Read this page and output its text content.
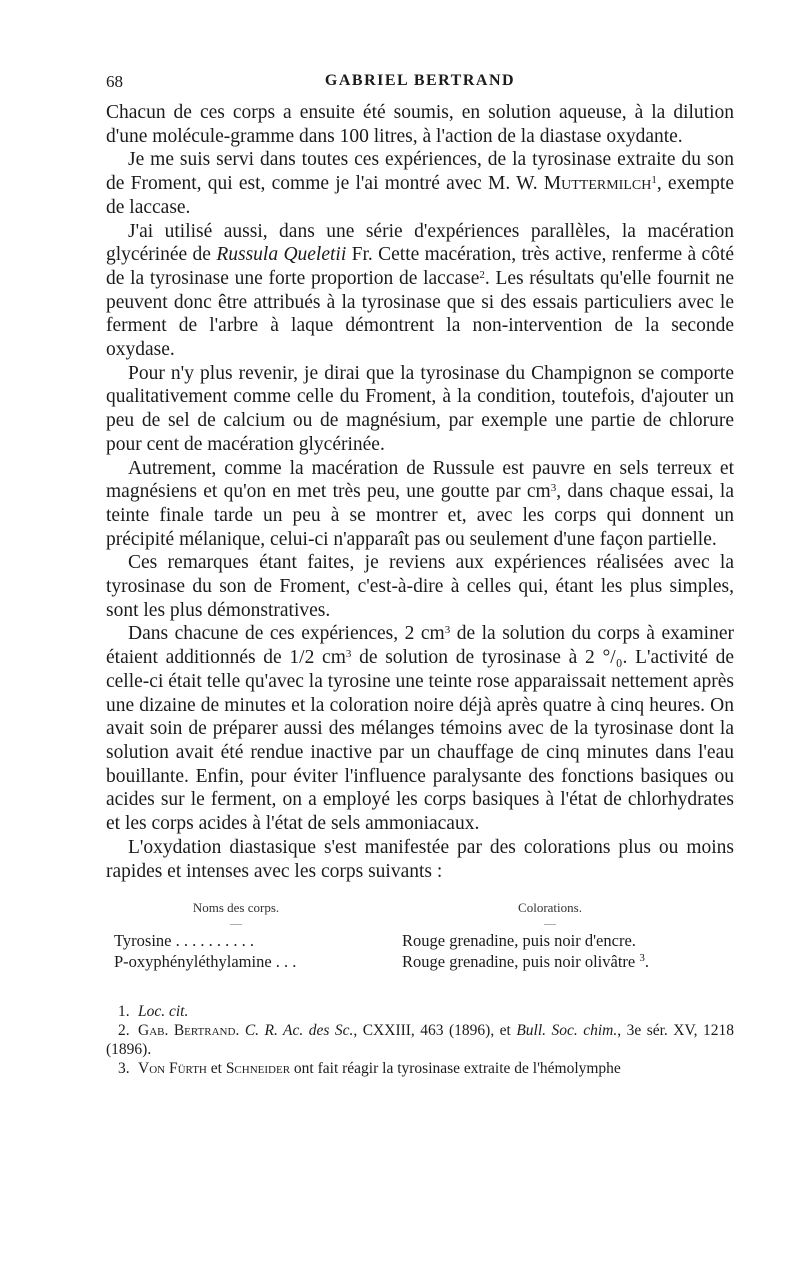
68	GABRIEL BERTRAND

Chacun de ces corps a ensuite été soumis, en solution aqueuse, à la dilution d'une molécule-gramme dans 100 litres, à l'action de la diastase oxydante.

Je me suis servi dans toutes ces expériences, de la tyrosinase extraite du son de Froment, qui est, comme je l'ai montré avec M. W. Muttermilch$^1$, exempte de laccase.

J'ai utilisé aussi, dans une série d'expériences parallèles, la macération glycérinée de Russula Queletii Fr. Cette macération, très active, renferme à côté de la tyrosinase une forte proportion de laccase$^2$. Les résultats qu'elle fournit ne peuvent donc être attribués à la tyrosinase que si des essais particuliers avec le ferment de l'arbre à laque démontrent la non-intervention de la seconde oxydase.

Pour n'y plus revenir, je dirai que la tyrosinase du Champignon se comporte qualitativement comme celle du Froment, à la condition, toutefois, d'ajouter un peu de sel de calcium ou de magnésium, par exemple une partie de chlorure pour cent de macération glycérinée.

Autrement, comme la macération de Russule est pauvre en sels terreux et magnésiens et qu'on en met très peu, une goutte par $cm^3$, dans chaque essai, la teinte finale tarde un peu à se montrer et, avec les corps qui donnent un précipité mélanique, celui-ci n'apparaît pas ou seulement d'une façon partielle.

Ces remarques étant faites, je reviens aux expériences réalisées avec la tyrosinase du son de Froment, c'est-à-dire à celles qui, étant les plus simples, sont les plus démonstratives.

Dans chacune de ces expériences, 2 $cm^3$ de la solution du corps à examiner étaient additionnés de 1/2 $cm^3$ de solution de tyrosinase à 2 °/₀. L'activité de celle-ci était telle qu'avec la tyrosine une teinte rose apparaissait nettement après une dizaine de minutes et la coloration noire déjà après quatre à cinq heures. On avait soin de préparer aussi des mélanges témoins avec de la tyrosinase dont la solution avait été rendue inactive par un chauffage de cinq minutes dans l'eau bouillante. Enfin, pour éviter l'influence paralysante des fonctions basiques ou acides sur le ferment, on a employé les corps basiques à l'état de chlorhydrates et les corps acides à l'état de sels ammoniacaux.

L'oxydation diastasique s'est manifestée par des colorations plus ou moins rapides et intenses avec les corps suivants :

Noms des corps.	Colorations.
—	—
Tyrosine . . . . . . . . . .	Rouge grenadine, puis noir d'encre.
P-oxyphényléthylamine . . .	Rouge grenadine, puis noir olivâtre $^3$.
1. Loc. cit.
2. Gab. Bertrand. C. R. Ac. des Sc., CXXIII, 463 (1896), et Bull. Soc. chim., 3e sér. XV, 1218 (1896).
3. Von Fürth et Schneider ont fait réagir la tyrosinase extraite de l'hémolymphe
